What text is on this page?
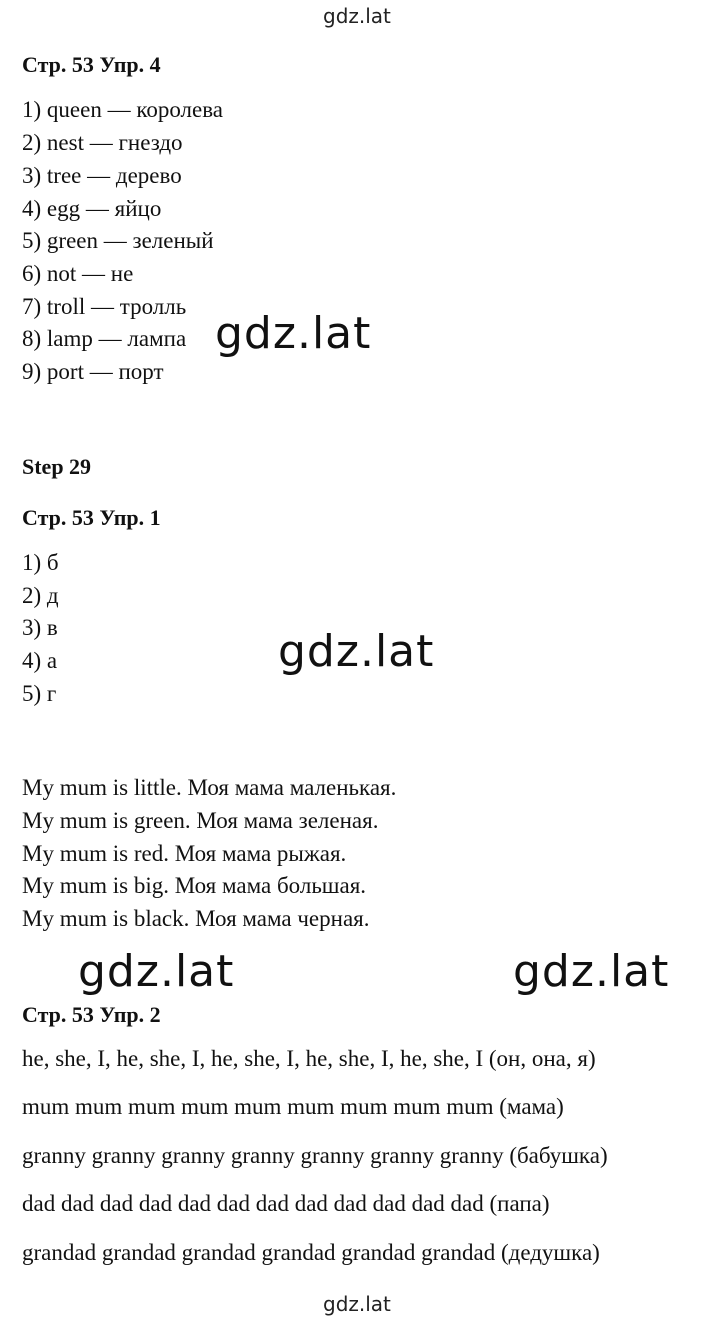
gdz.lat
Стр. 53 Упр. 4
1) queen — королева
2) nest — гнездо
3) tree — дерево
4) egg — яйцо
5) green — зеленый
6) not — не
7) troll — тролль
8) lamp — лампа
9) port — порт
gdz.lat
Step 29
Стр. 53 Упр. 1
1) б
2) д
3) в
4) а
5) г
gdz.lat
My mum is little. Моя мама маленькая.
My mum is green. Моя мама зеленая.
My mum is red. Моя мама рыжая.
My mum is big. Моя мама большая.
My mum is black. Моя мама черная.
gdz.lat	gdz.lat
Стр. 53 Упр. 2
he, she, I, he, she, I, he, she, I, he, she, I, he, she, I (он, она, я)
mum mum mum mum mum mum mum mum mum (мама)
granny granny granny granny granny granny granny (бабушка)
dad dad dad dad dad dad dad dad dad dad dad dad (папа)
grandad grandad grandad grandad grandad grandad (дедушка)
gdz.lat
